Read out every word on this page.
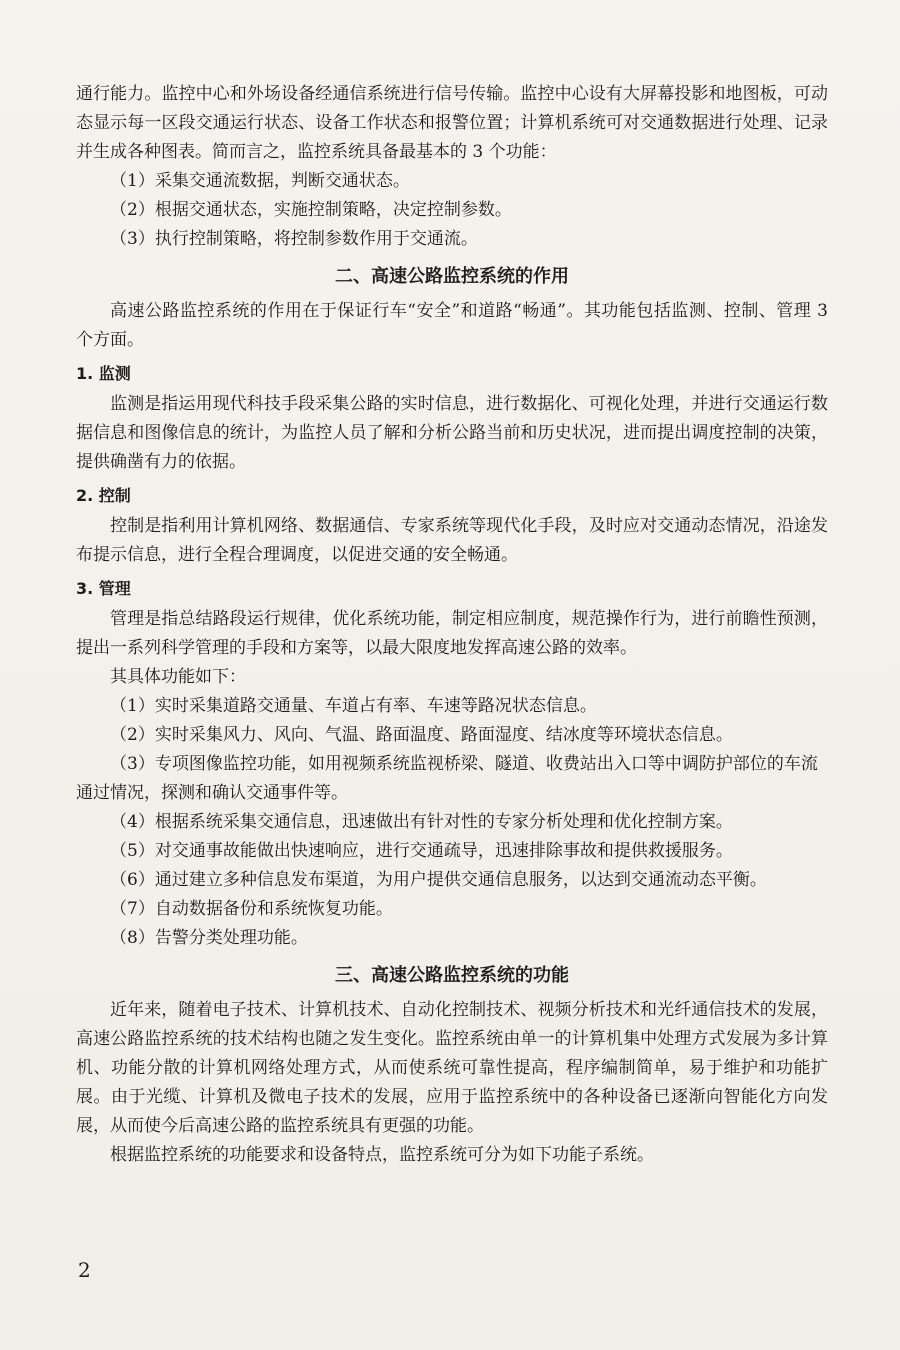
通行能力。监控中心和外场设备经通信系统进行信号传输。监控中心设有大屏幕投影和地图板，可动态显示每一区段交通运行状态、设备工作状态和报警位置；计算机系统可对交通数据进行处理、记录并生成各种图表。简而言之，监控系统具备最基本的 3 个功能：

（1）采集交通流数据，判断交通状态。

（2）根据交通状态，实施控制策略，决定控制参数。

（3）执行控制策略，将控制参数作用于交通流。

二、高速公路监控系统的作用

高速公路监控系统的作用在于保证行车“安全”和道路“畅通”。其功能包括监测、控制、管理 3 个方面。

1. 监测

监测是指运用现代科技手段采集公路的实时信息，进行数据化、可视化处理，并进行交通运行数据信息和图像信息的统计，为监控人员了解和分析公路当前和历史状况，进而提出调度控制的决策，提供确凿有力的依据。

2. 控制

控制是指利用计算机网络、数据通信、专家系统等现代化手段，及时应对交通动态情况，沿途发布提示信息，进行全程合理调度，以促进交通的安全畅通。

3. 管理

管理是指总结路段运行规律，优化系统功能，制定相应制度，规范操作行为，进行前瞻性预测，提出一系列科学管理的手段和方案等，以最大限度地发挥高速公路的效率。

其具体功能如下：

（1）实时采集道路交通量、车道占有率、车速等路况状态信息。

（2）实时采集风力、风向、气温、路面温度、路面湿度、结冰度等环境状态信息。

（3）专项图像监控功能，如用视频系统监视桥梁、隧道、收费站出入口等中调防护部位的车流通过情况，探测和确认交通事件等。

（4）根据系统采集交通信息，迅速做出有针对性的专家分析处理和优化控制方案。

（5）对交通事故能做出快速响应，进行交通疏导，迅速排除事故和提供救援服务。

（6）通过建立多种信息发布渠道，为用户提供交通信息服务，以达到交通流动态平衡。

（7）自动数据备份和系统恢复功能。

（8）告警分类处理功能。

三、高速公路监控系统的功能

近年来，随着电子技术、计算机技术、自动化控制技术、视频分析技术和光纤通信技术的发展，高速公路监控系统的技术结构也随之发生变化。监控系统由单一的计算机集中处理方式发展为多计算机、功能分散的计算机网络处理方式，从而使系统可靠性提高，程序编制简单，易于维护和功能扩展。由于光缆、计算机及微电子技术的发展，应用于监控系统中的各种设备已逐渐向智能化方向发展，从而使今后高速公路的监控系统具有更强的功能。

根据监控系统的功能要求和设备特点，监控系统可分为如下功能子系统。

2
